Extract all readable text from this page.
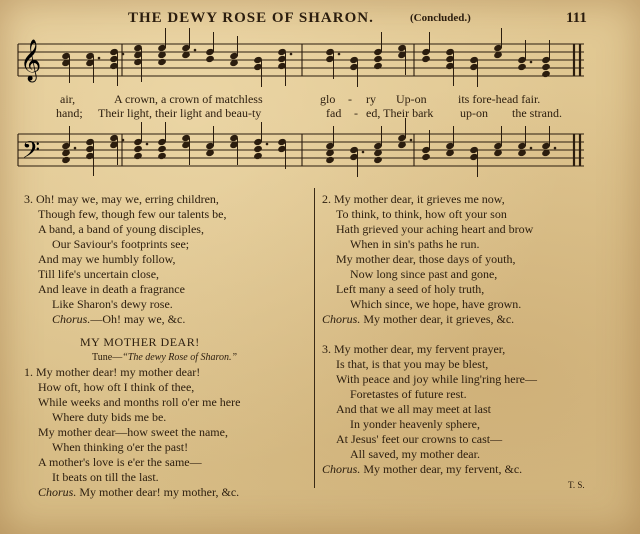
THE DEWY ROSE OF SHARON.	(Concluded.)	111
𝄞
𝄢
air,	A crown, a crown of matchless	glo - ry Up-on	its fore-head fair.
hand; Their light, their light and beau-ty	fad - ed, Their bark up-on the strand.
3. Oh! may we, may we, erring children,
Though few, though few our talents be,
A band, a band of young disciples,
Our Saviour's footprints see;
And may we humbly follow,
Till life's uncertain close,
And leave in death a fragrance
Like Sharon's dewy rose.
Chorus.—Oh! may we, &c.
MY MOTHER DEAR!
Tune—“The dewy Rose of Sharon.”
1. My mother dear! my mother dear!
How oft, how oft I think of thee,
While weeks and months roll o'er me here
Where duty bids me be.
My mother dear—how sweet the name,
When thinking o'er the past!
A mother's love is e'er the same—
It beats on till the last.
Chorus. My mother dear! my mother, &c.
2. My mother dear, it grieves me now,
To think, to think, how oft your son
Hath grieved your aching heart and brow
When in sin's paths he run.
My mother dear, those days of youth,
Now long since past and gone,
Left many a seed of holy truth,
Which since, we hope, have grown.
Chorus. My mother dear, it grieves, &c.
3. My mother dear, my fervent prayer,
Is that, is that you may be blest,
With peace and joy while ling'ring here—
Foretastes of future rest.
And that we all may meet at last
In yonder heavenly sphere,
At Jesus' feet our crowns to cast—
All saved, my mother dear.
Chorus. My mother dear, my fervent, &c.
T. S.
